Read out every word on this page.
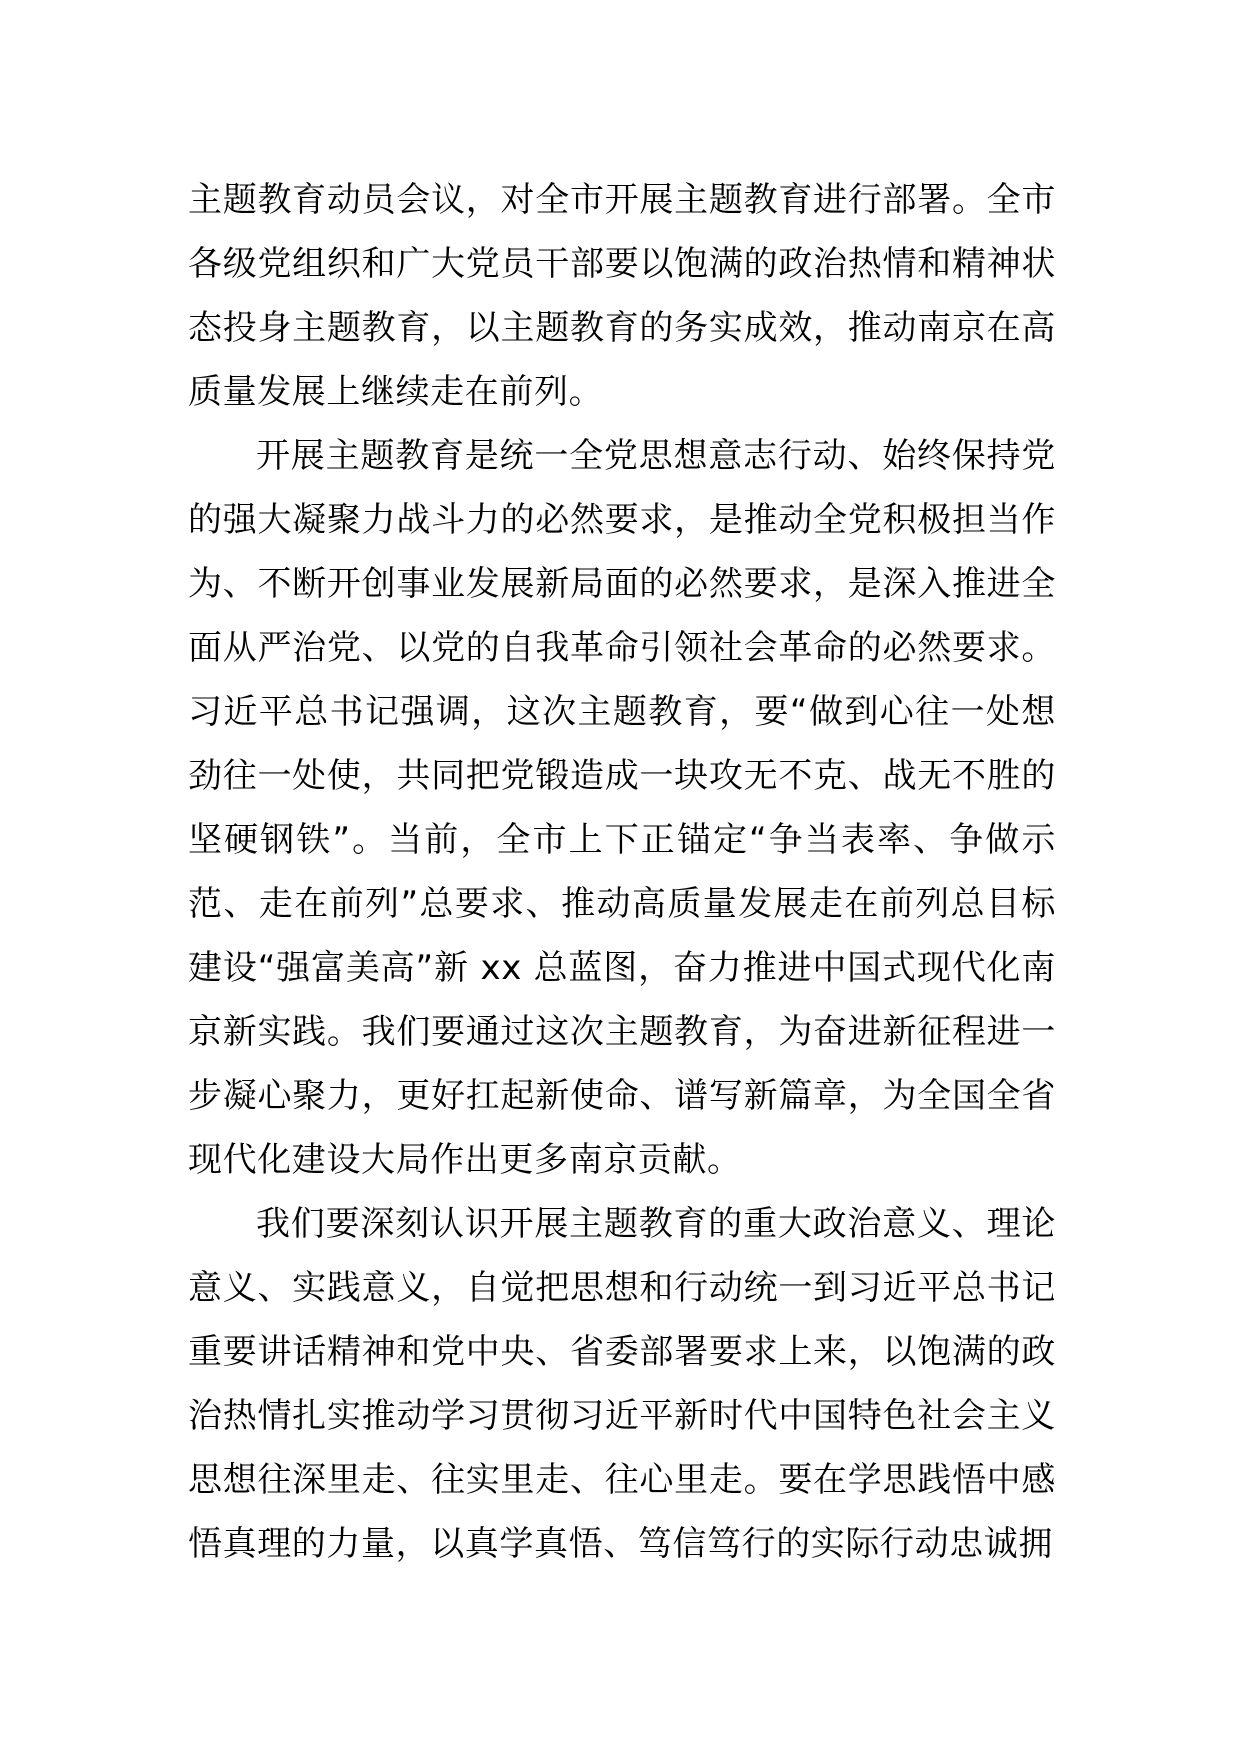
主题教育动员会议，对全市开展主题教育进行部署。全市各级党组织和广大党员干部要以饱满的政治热情和精神状态投身主题教育，以主题教育的务实成效，推动南京在高质量发展上继续走在前列。

开展主题教育是统一全党思想意志行动、始终保持党的强大凝聚力战斗力的必然要求，是推动全党积极担当作为、不断开创事业发展新局面的必然要求，是深入推进全面从严治党、以党的自我革命引领社会革命的必然要求。习近平总书记强调，这次主题教育，要“做到心往一处想劲往一处使，共同把党锻造成一块攻无不克、战无不胜的坚硬钢铁”。当前，全市上下正锚定“争当表率、争做示范、走在前列”总要求、推动高质量发展走在前列总目标建设“强富美高”新 xx 总蓝图，奋力推进中国式现代化南京新实践。我们要通过这次主题教育，为奋进新征程进一步凝心聚力，更好扛起新使命、谱写新篇章，为全国全省现代化建设大局作出更多南京贡献。

我们要深刻认识开展主题教育的重大政治意义、理论意义、实践意义，自觉把思想和行动统一到习近平总书记重要讲话精神和党中央、省委部署要求上来，以饱满的政治热情扎实推动学习贯彻习近平新时代中国特色社会主义思想往深里走、往实里走、往心里走。要在学思践悟中感悟真理的力量，以真学真悟、笃信笃行的实际行动忠诚拥
